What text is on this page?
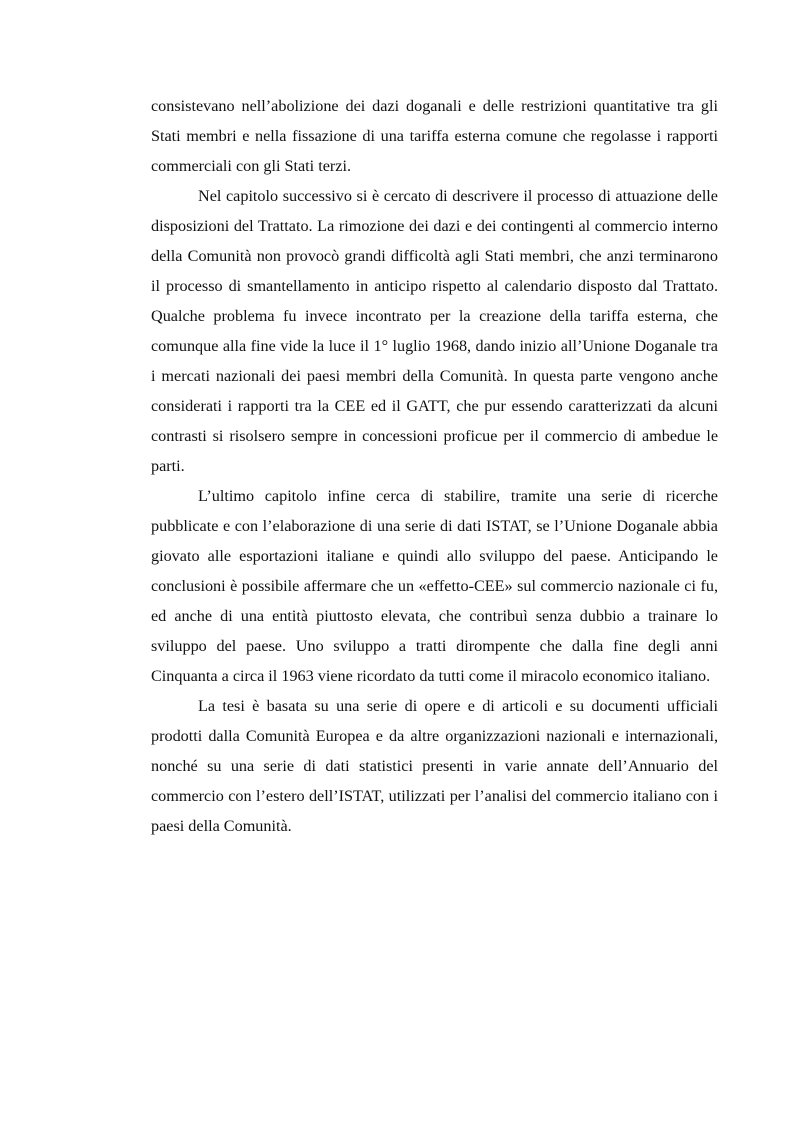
consistevano nell’abolizione dei dazi doganali e delle restrizioni quantitative tra gli Stati membri e nella fissazione di una tariffa esterna comune che regolasse i rapporti commerciali con gli Stati terzi.

Nel capitolo successivo si è cercato di descrivere il processo di attuazione delle disposizioni del Trattato. La rimozione dei dazi e dei contingenti al commercio interno della Comunità non provocò grandi difficoltà agli Stati membri, che anzi terminarono il processo di smantellamento in anticipo rispetto al calendario disposto dal Trattato. Qualche problema fu invece incontrato per la creazione della tariffa esterna, che comunque alla fine vide la luce il 1° luglio 1968, dando inizio all’Unione Doganale tra i mercati nazionali dei paesi membri della Comunità. In questa parte vengono anche considerati i rapporti tra la CEE ed il GATT, che pur essendo caratterizzati da alcuni contrasti si risolsero sempre in concessioni proficue per il commercio di ambedue le parti.

L’ultimo capitolo infine cerca di stabilire, tramite una serie di ricerche pubblicate e con l’elaborazione di una serie di dati ISTAT, se l’Unione Doganale abbia giovato alle esportazioni italiane e quindi allo sviluppo del paese. Anticipando le conclusioni è possibile affermare che un «effetto-CEE» sul commercio nazionale ci fu, ed anche di una entità piuttosto elevata, che contribuì senza dubbio a trainare lo sviluppo del paese. Uno sviluppo a tratti dirompente che dalla fine degli anni Cinquanta a circa il 1963 viene ricordato da tutti come il miracolo economico italiano.

La tesi è basata su una serie di opere e di articoli e su documenti ufficiali prodotti dalla Comunità Europea e da altre organizzazioni nazionali e internazionali, nonché su una serie di dati statistici presenti in varie annate dell’Annuario del commercio con l’estero dell’ISTAT, utilizzati per l’analisi del commercio italiano con i paesi della Comunità.
